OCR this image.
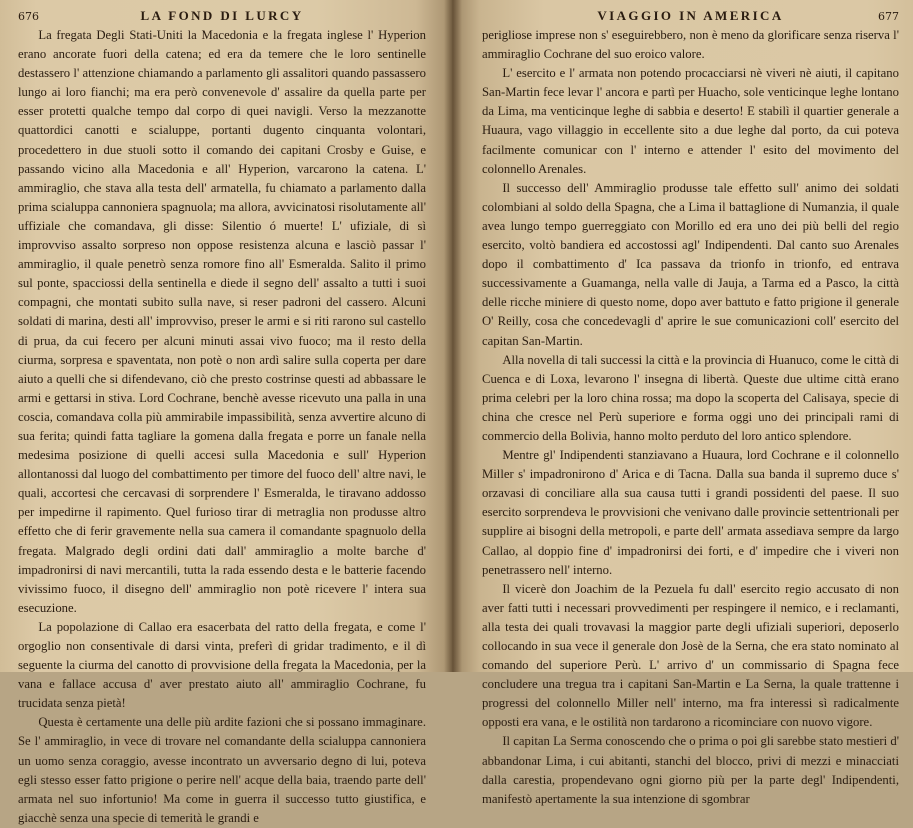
676	LA FOND DI LURCY

La fregata Degli Stati-Uniti la Macedonia e la fregata inglese l' Hyperion erano ancorate fuori della catena; ed era da temere che le loro sentinelle destassero l' attenzione chiamando a parlamento gli assalitori quando passassero lungo ai loro fianchi; ma era però convenevole d' assalire da quella parte per esser protetti qualche tempo dal corpo di quei navigli. Verso la mezzanotte quattordici canotti e scialuppe, portanti dugento cinquanta volontari, procedettero in due stuoli sotto il comando dei capitani Crosby e Guise, e passando vicino alla Macedonia e all' Hyperion, varcarono la catena. L' ammiraglio, che stava alla testa dell' armatella, fu chiamato a parlamento dalla prima scialuppa cannoniera spagnuola; ma allora, avvicinatosi risolutamente all' uffiziale che comandava, gli disse: Silentio ó muerte! L' ufiziale, di sì improvviso assalto sorpreso non oppose resistenza alcuna e lasciò passar l' ammiraglio, il quale penetrò senza romore fino all' Esmeralda. Salito il primo sul ponte, spacciossi della sentinella e diede il segno dell' assalto a tutti i suoi compagni, che montati subito sulla nave, si reser padroni del cassero. Alcuni soldati di marina, desti all' improvviso, preser le armi e si riti rarono sul castello di prua, da cui fecero per alcuni minuti assai vivo fuoco; ma il resto della ciurma, sorpresa e spaventata, non potè o non ardì salire sulla coperta per dare aiuto a quelli che si difendevano, ciò che presto costrinse questi ad abbassare le armi e gettarsi in stiva. Lord Cochrane, benchè avesse ricevuto una palla in una coscia, comandava colla più ammirabile impassibilità, senza avvertire alcuno di sua ferita; quindi fatta tagliare la gomena dalla fregata e porre un fanale nella medesima posizione di quelli accesi sulla Macedonia e sull' Hyperion allontanossi dal luogo del combattimento per timore del fuoco dell' altre navi, le quali, accortesi che cercavasi di sorprendere l' Esmeralda, le tiravano addosso per impedirne il rapimento. Quel furioso tirar di metraglia non produsse altro effetto che di ferir gravemente nella sua camera il comandante spagnuolo della fregata. Malgrado degli ordini dati dall' ammiraglio a molte barche d' impadronirsi di navi mercantili, tutta la rada essendo desta e le batterie facendo vivissimo fuoco, il disegno dell' ammiraglio non potè ricevere l' intera sua esecuzione.

La popolazione di Callao era esacerbata del ratto della fregata, e come l' orgoglio non consentivale di darsi vinta, preferì di gridar tradimento, e il dì seguente la ciurma del canotto di provvisione della fregata la Macedonia, per la vana e fallace accusa d' aver prestato aiuto all' ammiraglio Cochrane, fu trucidata senza pietà!

Questa è certamente una delle più ardite fazioni che si possano immaginare. Se l' ammiraglio, in vece di trovare nel comandante della scialuppa cannoniera un uomo senza coraggio, avesse incontrato un avversario degno di lui, poteva egli stesso esser fatto prigione o perire nell' acque della baia, traendo parte dell' armata nel suo infortunio! Ma come in guerra il successo tutto giustifica, e giacchè senza una specie di temerità le grandi e

VIAGGIO IN AMERICA	677

perigliose imprese non s' eseguirebbero, non è meno da glorificare senza riserva l' ammiraglio Cochrane del suo eroico valore.

L' esercito e l' armata non potendo procacciarsi nè viveri nè aiuti, il capitano San-Martin fece levar l' ancora e partì per Huacho, sole venticinque leghe lontano da Lima, ma venticinque leghe di sabbia e deserto! E stabilì il quartier generale a Huaura, vago villaggio in eccellente sito a due leghe dal porto, da cui poteva facilmente comunicar con l' interno e attender l' esito del movimento del colonnello Arenales.

Il successo dell' Ammiraglio produsse tale effetto sull' animo dei soldati colombiani al soldo della Spagna, che a Lima il battaglione di Numanzia, il quale avea lungo tempo guerreggiato con Morillo ed era uno dei più belli del regio esercito, voltò bandiera ed accostossi agl' Indipendenti. Dal canto suo Arenales dopo il combattimento d' Ica passava da trionfo in trionfo, ed entrava successivamente a Guamanga, nella valle di Jauja, a Tarma ed a Pasco, la città delle ricche miniere di questo nome, dopo aver battuto e fatto prigione il generale O' Reilly, cosa che concedevagli d' aprire le sue comunicazioni coll' esercito del capitan San-Martin.

Alla novella di tali successi la città e la provincia di Huanuco, come le città di Cuenca e di Loxa, levarono l' insegna di libertà. Queste due ultime città erano prima celebri per la loro china rossa; ma dopo la scoperta del Calisaya, specie di china che cresce nel Perù superiore e forma oggi uno dei principali rami di commercio della Bolivia, hanno molto perduto del loro antico splendore.

Mentre gl' Indipendenti stanziavano a Huaura, lord Cochrane e il colonnello Miller s' impadronirono d' Arica e di Tacna. Dalla sua banda il supremo duce s' orzavasi di conciliare alla sua causa tutti i grandi possidenti del paese. Il suo esercito sorprendeva le provvisioni che venivano dalle provincie settentrionali per supplire ai bisogni della metropoli, e parte dell' armata assediava sempre da largo Callao, al doppio fine d' impadronirsi dei forti, e d' impedire che i viveri non penetrassero nell' interno.

Il vicerè don Joachim de la Pezuela fu dall' esercito regio accusato di non aver fatti tutti i necessari provvedimenti per respingere il nemico, e i reclamanti, alla testa dei quali trovavasi la maggior parte degli ufiziali superiori, deposerlo collocando in sua vece il generale don Josè de la Serna, che era stato nominato al comando del superiore Perù. L' arrivo d' un commissario di Spagna fece concludere una tregua tra i capitani San-Martin e La Serna, la quale trattenne i progressi del colonnello Miller nell' interno, ma fra interessi sì radicalmente opposti era vana, e le ostilità non tardarono a ricominciare con nuovo vigore.

Il capitan La Serma conoscendo che o prima o poi gli sarebbe stato mestieri d' abbandonar Lima, i cui abitanti, stanchi del blocco, privi di mezzi e minacciati dalla carestia, propendevano ogni giorno più per la parte degl' Indipendenti, manifestò apertamente la sua intenzione di sgombrar
